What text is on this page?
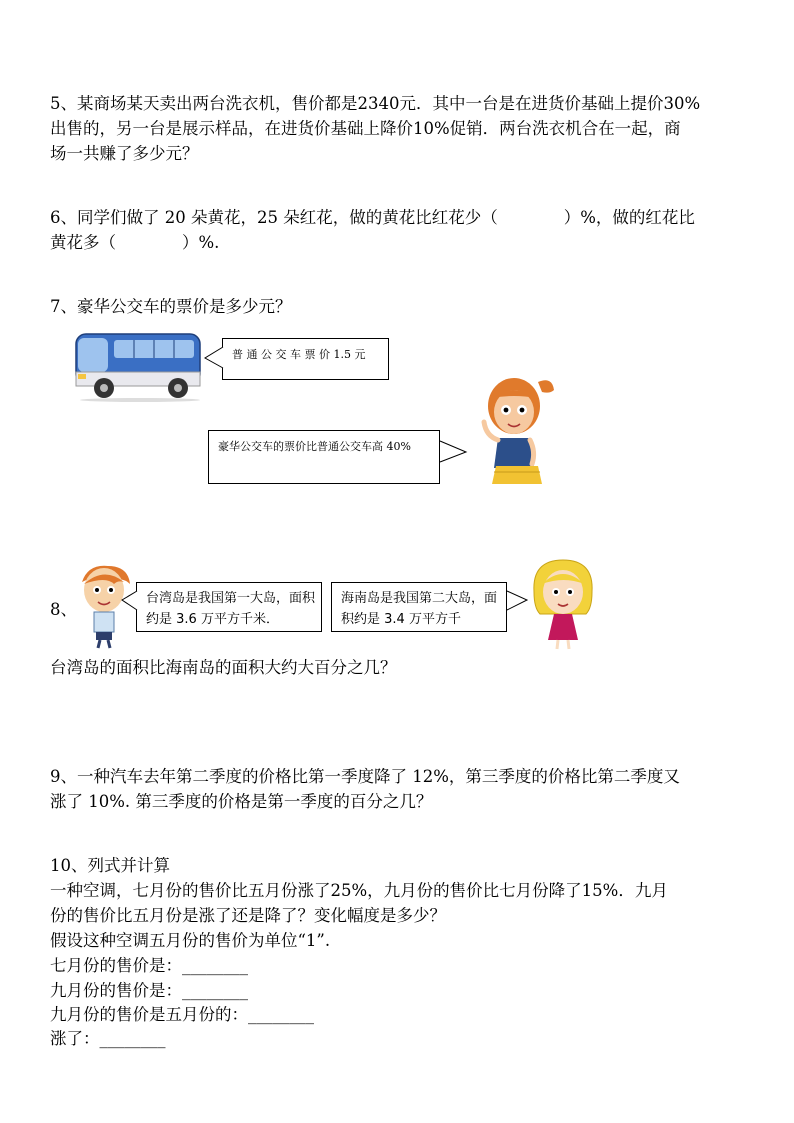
5、某商场某天卖出两台洗衣机，售价都是2340元．其中一台是在进货价基础上提价30%
出售的，另一台是展示样品，在进货价基础上降价10%促销．两台洗衣机合在一起，商
场一共赚了多少元？
6、同学们做了 20 朵黄花，25 朵红花，做的黄花比红花少（　　　　）%，做的红花比
黄花多（　　　　）%.
7、豪华公交车的票价是多少元？
普 通 公 交 车 票 价 1.5 元
豪华公交车的票价比普通公交车高 40%
8、
台湾岛是我国第一大岛，面积约是 3.6 万平方千米．
海南岛是我国第二大岛，面积约是 3.4 万平方千
台湾岛的面积比海南岛的面积大约大百分之几？
9、一种汽车去年第二季度的价格比第一季度降了 12%，第三季度的价格比第二季度又
涨了 10%. 第三季度的价格是第一季度的百分之几？
10、列式并计算
一种空调，七月份的售价比五月份涨了25%，九月份的售价比七月份降了15%．九月
份的售价比五月份是涨了还是降了？变化幅度是多少？
假设这种空调五月份的售价为单位“1”.
七月份的售价是：________
九月份的售价是：________
九月份的售价是五月份的：________
涨了：________
